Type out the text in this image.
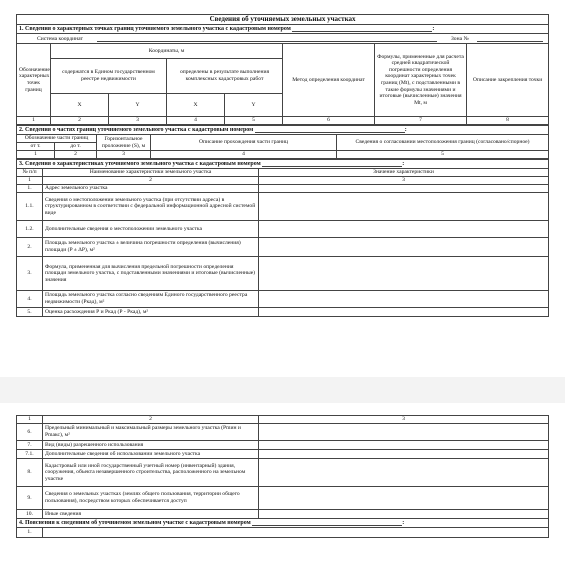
Сведения об уточняемых земельных участках							
1. Сведения о характерных точках границ уточняемого земельного участка с кадастровым номером :							

Система координат Зона №							

Обозначение характерных точек границ	Координаты, м				Метод определения координат	Формулы, примененные для расчета средней квадратической погрешности определения координат характерных точек границ (Mt), с подставленными в такие формулы значениями и итоговые (вычисленные) значения Mt, м	Описание закрепления точки
	содержатся в Едином государственном реестре недвижимости		определены в результате выполнения комплексных кадастровых работ				
	X	Y	X	Y			
1	2	3	4	5	6	7	8
2. Сведения о частях границ уточняемого земельного участка с кадастровым номером :				
Обозначение части границ		Горизонтальное проложение (S), м	Описание прохождения части границ	Сведения о согласовании местоположения границ (согласовано/спорное)
от т.	до т.			
1	2	3	4	5
3. Сведения о характеристиках уточняемого земельного участка с кадастровым номером :		
№ п/п	Наименование характеристики земельного участка	Значение характеристики
1	2	3
1.	Адрес земельного участка	
1.1.	Сведения о местоположении земельного участка (при отсутствии адреса) в структурированном в соответствии с федеральной информационной адресной системой виде	
1.2.	Дополнительные сведения о местоположении земельного участка	
2.	Площадь земельного участка ± величина погрешности определения (вычисления) площади (P ± ΔP), м²	
3.	Формула, примененная для вычисления предельной погрешности определения площади земельного участка, с подставленными значениями и итоговые (вычисленные) значения	
4.	Площадь земельного участка согласно сведениям Единого государственного реестра недвижимости (Ркад), м²	
5.	Оценка расхождения Р и Ркад (Р - Ркад), м²	
1	2	3
6.	Предельный минимальный и максимальный размеры земельного участка (Pmин и Pmакс), м²	
7.	Вид (виды) разрешенного использования	
7.1.	Дополнительные сведения об использовании земельного участка	
8.	Кадастровый или иной государственный учетный номер (инвентарный) здания, сооружения, объекта незавершенного строительства, расположенного на земельном участке	
9.	Сведения о земельных участках (землях общего пользования, территории общего пользования), посредством которых обеспечивается доступ	
10.	Иные сведения	
4. Пояснения к сведениям об уточняемом земельном участке с кадастровым номером :		
1.		
